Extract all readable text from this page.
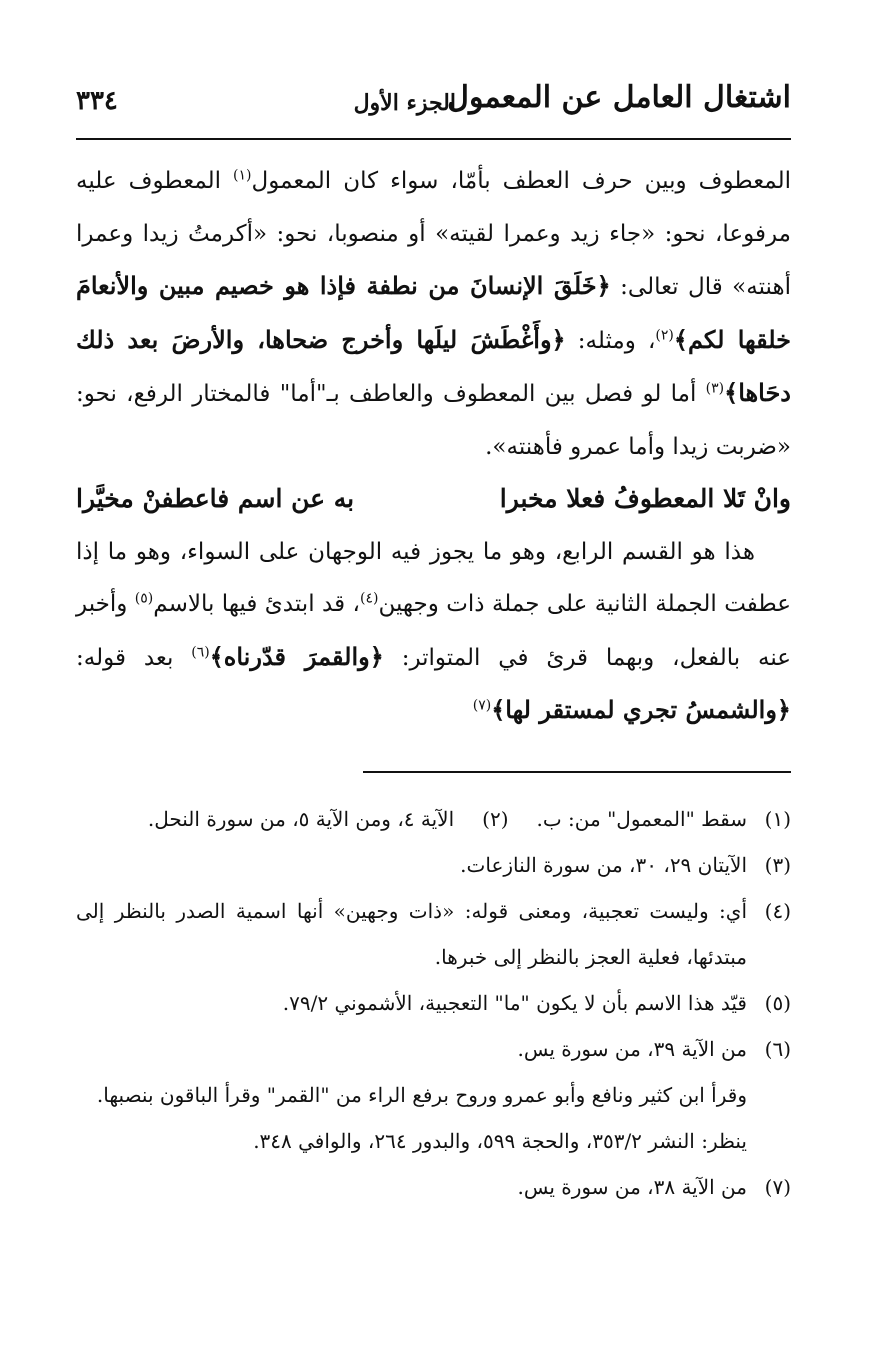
اشتغال العامل عن المعمول
الجزء الأول
٣٣٤

المعطوف وبين حرف العطف بأمّا، سواء كان المعمول$^{(١)}$ المعطوف عليه مرفوعا، نحو: «جاء زيد وعمرا لقيته» أو منصوبا، نحو: «أكرمتُ زيدا وعمرا أهنته» قال تعالى: ﴿خَلَقَ الإنسانَ من نطفة فإذا هو خصيم مبين والأنعامَ خلقها لكم﴾$^{(٢)}$، ومثله: ﴿وأَغْطَشَ ليلَها وأخرج ضحاها، والأرضَ بعد ذلك دحَاها﴾$^{(٣)}$ أما لو فصل بين المعطوف والعاطف بـ"أما" فالمختار الرفع، نحو: «ضربت زيدا وأما عمرو فأهنته».

وانْ تَلا المعطوفُ فعلا مخبرا
به عن اسم فاعطفنْ مخيَّرا

هذا هو القسم الرابع، وهو ما يجوز فيه الوجهان على السواء، وهو ما إذا عطفت الجملة الثانية على جملة ذات وجهين$^{(٤)}$، قد ابتدئ فيها بالاسم$^{(٥)}$ وأخبر عنه بالفعل، وبهما قرئ في المتواتر: ﴿والقمرَ قدّرناه﴾$^{(٦)}$ بعد قوله: ﴿والشمسُ تجري لمستقر لها﴾$^{(٧)}$

(١)
سقط "المعمول" من: ب.(٢)الآية ٤، ومن الآية ٥، من سورة النحل.
(٣)
الآيتان ٢٩، ٣٠، من سورة النازعات.
(٤)
أي: وليست تعجبية، ومعنى قوله: «ذات وجهين» أنها اسمية الصدر بالنظر إلى مبتدئها، فعلية العجز بالنظر إلى خبرها.
(٥)
قيّد هذا الاسم بأن لا يكون "ما" التعجبية، الأشموني ٧٩/٢.
(٦)

من الآية ٣٩، من سورة يس.

وقرأ ابن كثير ونافع وأبو عمرو وروح برفع الراء من "القمر" وقرأ الباقون بنصبها.

ينظر: النشر ٣٥٣/٢، والحجة ٥٩٩، والبدور ٢٦٤، والوافي ٣٤٨.

(٧)
من الآية ٣٨، من سورة يس.
